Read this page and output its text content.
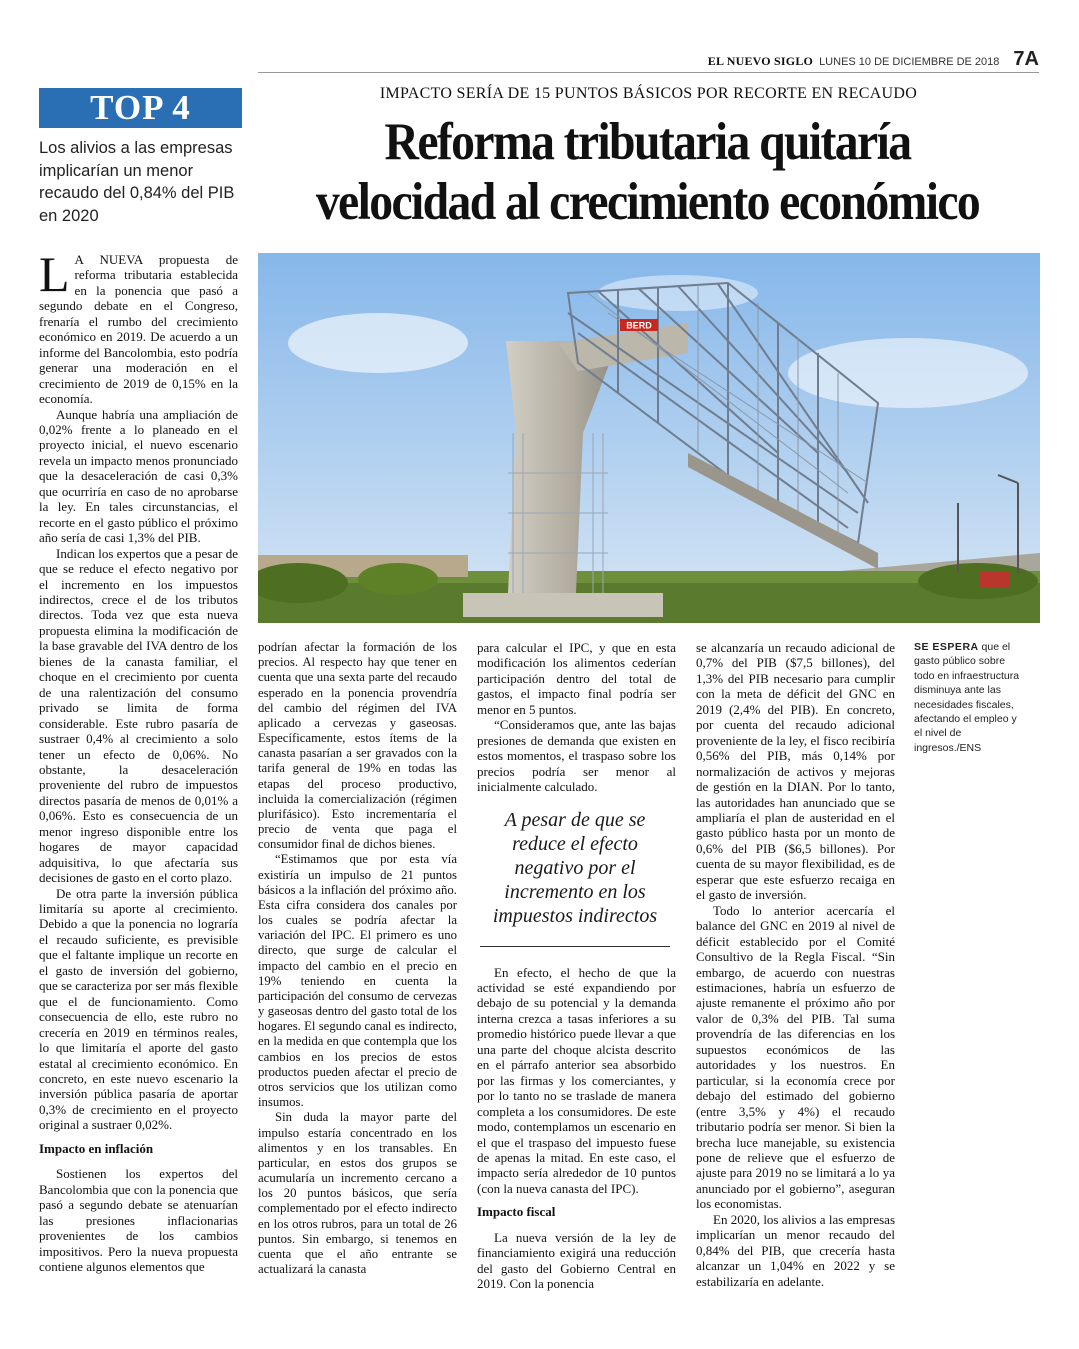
EL NUEVO SIGLO LUNES 10 DE DICIEMBRE DE 2018 7A
TOP 4

Los alivios a las empresas implicarían un menor recaudo del 0,84% del PIB en 2020

IMPACTO SERÍA DE 15 PUNTOS BÁSICOS POR RECORTE EN RECAUDO
Reforma tributaria quitaría
velocidad al crecimiento económico
BERD

L A NUEVA propuesta de reforma tributaria establecida en la ponencia que pasó a segundo debate en el Congreso, frenaría el rumbo del crecimiento económico en 2019. De acuerdo a un informe del Bancolombia, esto podría generar una moderación en el crecimiento de 2019 de 0,15% en la economía.

Aunque habría una ampliación de 0,02% frente a lo planeado en el proyecto inicial, el nuevo escenario revela un impacto menos pronunciado que la desaceleración de casi 0,3% que ocurriría en caso de no aprobarse la ley. En tales circunstancias, el recorte en el gasto público el próximo año sería de casi 1,3% del PIB.

Indican los expertos que a pesar de que se reduce el efecto negativo por el incremento en los impuestos indirectos, crece el de los tributos directos. Toda vez que esta nueva propuesta elimina la modificación de la base gravable del IVA dentro de los bienes de la canasta familiar, el choque en el crecimiento por cuenta de una ralentización del consumo privado se limita de forma considerable. Este rubro pasaría de sustraer 0,4% al crecimiento a solo tener un efecto de 0,06%. No obstante, la desaceleración proveniente del rubro de impuestos directos pasaría de menos de 0,01% a 0,06%. Esto es consecuencia de un menor ingreso disponible entre los hogares de mayor capacidad adquisitiva, lo que afectaría sus decisiones de gasto en el corto plazo.

De otra parte la inversión pública limitaría su aporte al crecimiento. Debido a que la ponencia no lograría el recaudo suficiente, es previsible que el faltante implique un recorte en el gasto de inversión del gobierno, que se caracteriza por ser más flexible que el de funcionamiento. Como consecuencia de ello, este rubro no crecería en 2019 en términos reales, lo que limitaría el aporte del gasto estatal al crecimiento económico. En concreto, en este nuevo escenario la inversión pública pasaría de aportar 0,3% de crecimiento en el proyecto original a sustraer 0,02%.

Impacto en inflación

Sostienen los expertos del Bancolombia que con la ponencia que pasó a segundo debate se atenuarían las presiones inflacionarias provenientes de los cambios impositivos. Pero la nueva propuesta contiene algunos elementos que

podrían afectar la formación de los precios. Al respecto hay que tener en cuenta que una sexta parte del recaudo esperado en la ponencia provendría del cambio del régimen del IVA aplicado a cervezas y gaseosas. Específicamente, estos ítems de la canasta pasarían a ser gravados con la tarifa general de 19% en todas las etapas del proceso productivo, incluida la comercialización (régimen plurifásico). Esto incrementaría el precio de venta que paga el consumidor final de dichos bienes.

“Estimamos que por esta vía existiría un impulso de 21 puntos básicos a la inflación del próximo año. Esta cifra considera dos canales por los cuales se podría afectar la variación del IPC. El primero es uno directo, que surge de calcular el impacto del cambio en el precio en 19% teniendo en cuenta la participación del consumo de cervezas y gaseosas dentro del gasto total de los hogares. El segundo canal es indirecto, en la medida en que contempla que los cambios en los precios de estos productos pueden afectar el precio de otros servicios que los utilizan como insumos.

Sin duda la mayor parte del impulso estaría concentrado en los alimentos y en los transables. En particular, en estos dos grupos se acumularía un incremento cercano a los 20 puntos básicos, que sería complementado por el efecto indirecto en los otros rubros, para un total de 26 puntos. Sin embargo, si tenemos en cuenta que el año entrante se actualizará la canasta

para calcular el IPC, y que en esta modificación los alimentos cederían participación dentro del total de gastos, el impacto final podría ser menor en 5 puntos.

“Consideramos que, ante las bajas presiones de demanda que existen en estos momentos, el traspaso sobre los precios podría ser menor al inicialmente calculado.

En efecto, el hecho de que la actividad se esté expandiendo por debajo de su potencial y la demanda interna crezca a tasas inferiores a su promedio histórico puede llevar a que una parte del choque alcista descrito en el párrafo anterior sea absorbido por las firmas y los comerciantes, y por lo tanto no se traslade de manera completa a los consumidores. De este modo, contemplamos un escenario en el que el traspaso del impuesto fuese de apenas la mitad. En este caso, el impacto sería alrededor de 10 puntos (con la nueva canasta del IPC).

Impacto fiscal

La nueva versión de la ley de financiamiento exigirá una reducción del gasto del Gobierno Central en 2019. Con la ponencia

A pesar de que se
reduce el efecto
negativo por el
incremento en los
impuestos indirectos

se alcanzaría un recaudo adicional de 0,7% del PIB ($7,5 billones), del 1,3% del PIB necesario para cumplir con la meta de déficit del GNC en 2019 (2,4% del PIB). En concreto, por cuenta del recaudo adicional proveniente de la ley, el fisco recibiría 0,56% del PIB, más 0,14% por normalización de activos y mejoras de gestión en la DIAN. Por lo tanto, las autoridades han anunciado que se ampliaría el plan de austeridad en el gasto público hasta por un monto de 0,6% del PIB ($6,5 billones). Por cuenta de su mayor flexibilidad, es de esperar que este esfuerzo recaiga en el gasto de inversión.

Todo lo anterior acercaría el balance del GNC en 2019 al nivel de déficit establecido por el Comité Consultivo de la Regla Fiscal. “Sin embargo, de acuerdo con nuestras estimaciones, habría un esfuerzo de ajuste remanente el próximo año por valor de 0,3% del PIB. Tal suma provendría de las diferencias en los supuestos económicos de las autoridades y los nuestros. En particular, si la economía crece por debajo del estimado del gobierno (entre 3,5% y 4%) el recaudo tributario podría ser menor. Si bien la brecha luce manejable, su existencia pone de relieve que el esfuerzo de ajuste para 2019 no se limitará a lo ya anunciado por el gobierno”, aseguran los economistas.

En 2020, los alivios a las empresas implicarían un menor recaudo del 0,84% del PIB, que crecería hasta alcanzar un 1,04% en 2022 y se estabilizaría en adelante.

SE ESPERA que el gasto público sobre todo en infraestructura disminuya ante las necesidades fiscales, afectando el empleo y el nivel de ingresos./ENS
